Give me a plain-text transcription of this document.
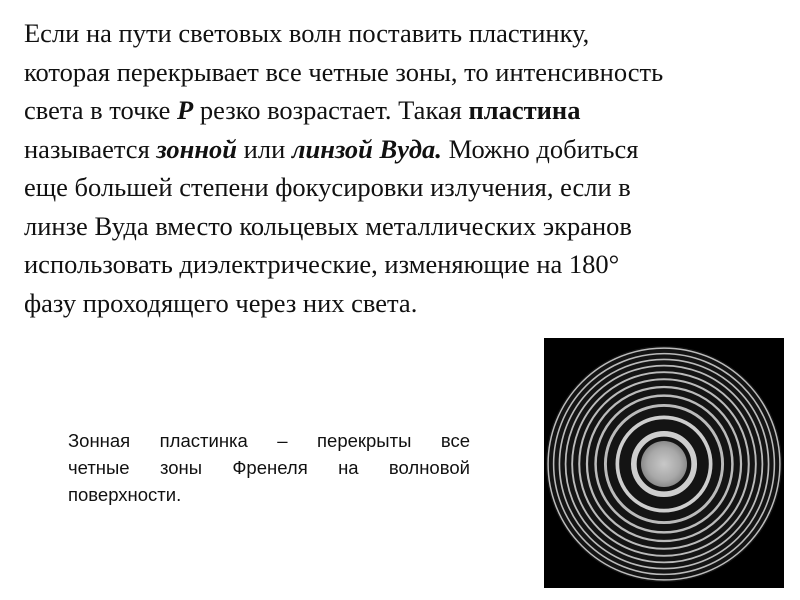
Если на пути световых волн поставить пластинку,
которая перекрывает все четные зоны, то интенсивность
света в точке P резко возрастает. Такая пластина
называется зонной или линзой Вуда. Можно добиться
еще большей степени фокусировки излучения, если в
линзе Вуда вместо кольцевых металлических экранов
использовать диэлектрические, изменяющие на 180°
фазу проходящего через них света.

Зонная пластинка – перекрыты все
четные зоны Френеля на волновой
поверхности.
